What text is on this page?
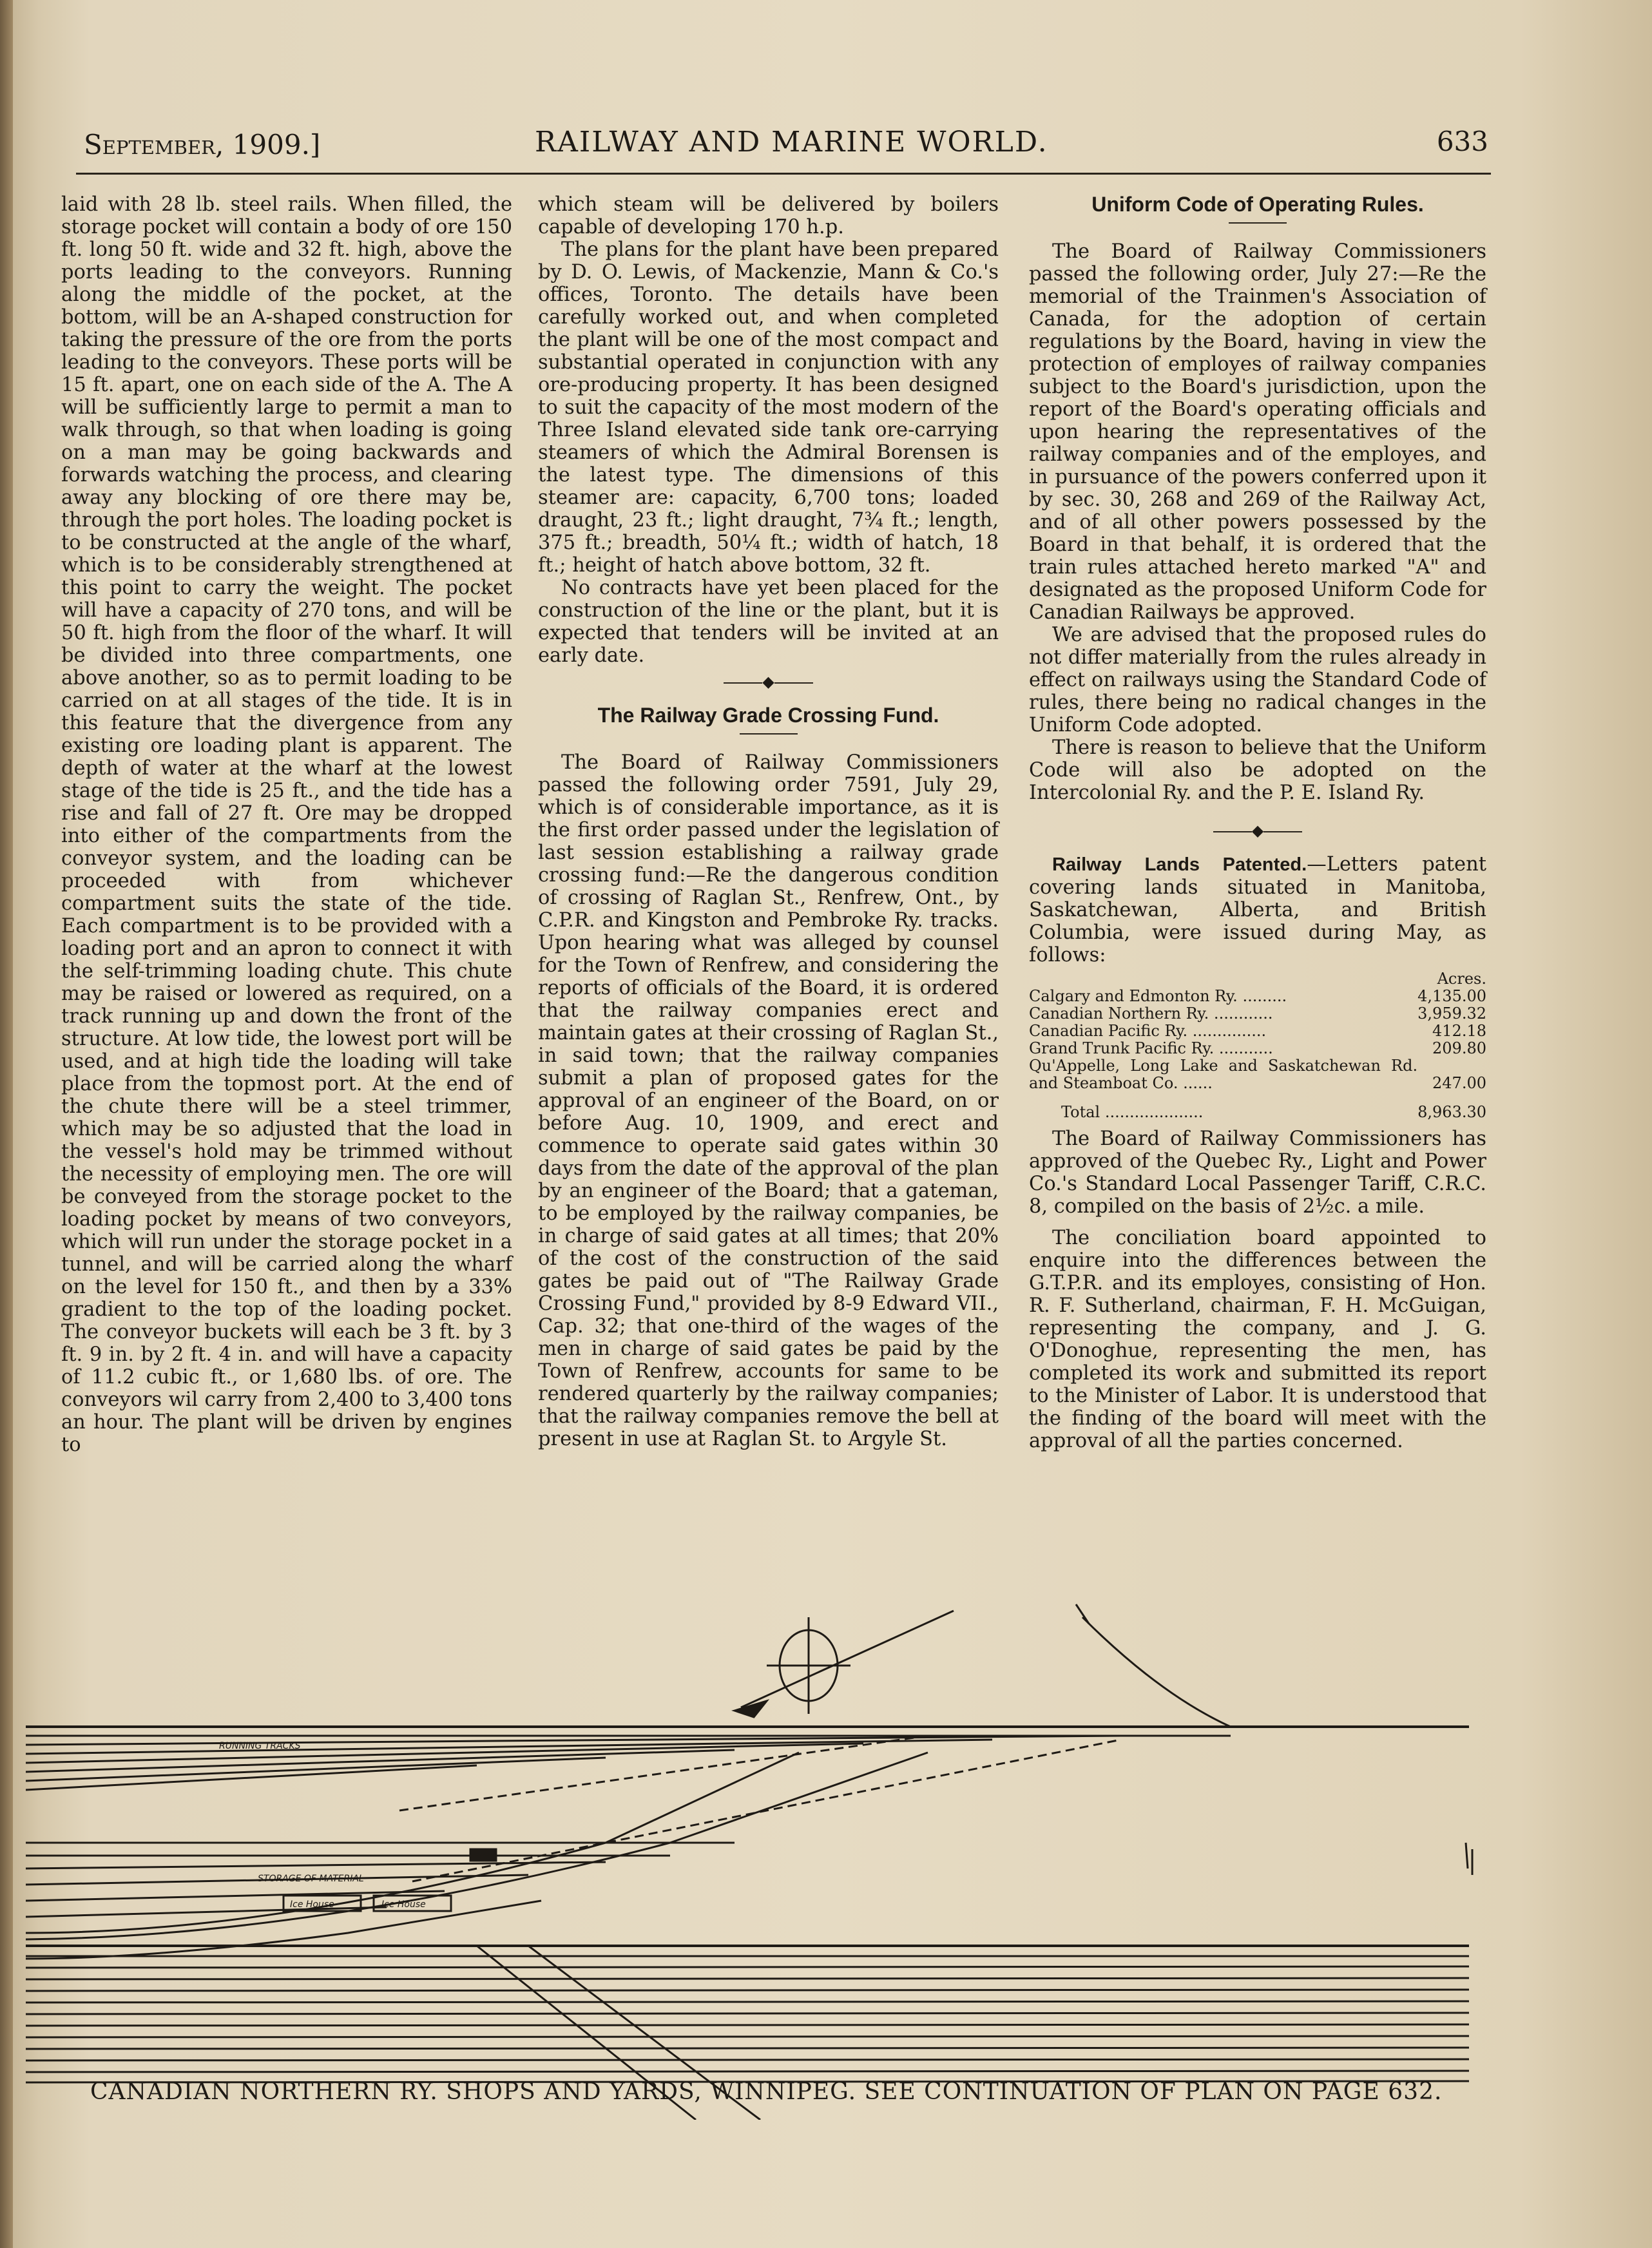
September, 1909.]	RAILWAY AND MARINE WORLD.	633

laid with 28 lb. steel rails. When filled, the storage pocket will contain a body of ore 150 ft. long 50 ft. wide and 32 ft. high, above the ports leading to the conveyors. Running along the middle of the pocket, at the bottom, will be an A-shaped construction for taking the pressure of the ore from the ports leading to the conveyors. These ports will be 15 ft. apart, one on each side of the A. The A will be sufficiently large to permit a man to walk through, so that when loading is going on a man may be going backwards and forwards watching the process, and clearing away any blocking of ore there may be, through the port holes. The loading pocket is to be constructed at the angle of the wharf, which is to be considerably strengthened at this point to carry the weight. The pocket will have a capacity of 270 tons, and will be 50 ft. high from the floor of the wharf. It will be divided into three compartments, one above another, so as to permit loading to be carried on at all stages of the tide. It is in this feature that the divergence from any existing ore loading plant is apparent. The depth of water at the wharf at the lowest stage of the tide is 25 ft., and the tide has a rise and fall of 27 ft. Ore may be dropped into either of the compartments from the conveyor system, and the loading can be proceeded with from whichever compartment suits the state of the tide. Each compartment is to be provided with a loading port and an apron to connect it with the self-trimming loading chute. This chute may be raised or lowered as required, on a track running up and down the front of the structure. At low tide, the lowest port will be used, and at high tide the loading will take place from the topmost port. At the end of the chute there will be a steel trimmer, which may be so adjusted that the load in the vessel's hold may be trimmed without the necessity of employing men. The ore will be conveyed from the storage pocket to the loading pocket by means of two conveyors, which will run under the storage pocket in a tunnel, and will be carried along the wharf on the level for 150 ft., and then by a 33% gradient to the top of the loading pocket. The conveyor buckets will each be 3 ft. by 3 ft. 9 in. by 2 ft. 4 in. and will have a capacity of 11.2 cubic ft., or 1,680 lbs. of ore. The conveyors wil carry from 2,400 to 3,400 tons an hour. The plant will be driven by engines to

which steam will be delivered by boilers capable of developing 170 h.p.

The plans for the plant have been prepared by D. O. Lewis, of Mackenzie, Mann & Co.'s offices, Toronto. The details have been carefully worked out, and when completed the plant will be one of the most compact and substantial operated in conjunction with any ore-producing property. It has been designed to suit the capacity of the most modern of the Three Island elevated side tank ore-carrying steamers of which the Admiral Borensen is the latest type. The dimensions of this steamer are: capacity, 6,700 tons; loaded draught, 23 ft.; light draught, 7¾ ft.; length, 375 ft.; breadth, 50¼ ft.; width of hatch, 18 ft.; height of hatch above bottom, 32 ft.

No contracts have yet been placed for the construction of the line or the plant, but it is expected that tenders will be invited at an early date.

◆
The Railway Grade Crossing Fund.

The Board of Railway Commissioners passed the following order 7591, July 29, which is of considerable importance, as it is the first order passed under the legislation of last session establishing a railway grade crossing fund:—Re the dangerous condition of crossing of Raglan St., Renfrew, Ont., by C.P.R. and Kingston and Pembroke Ry. tracks. Upon hearing what was alleged by counsel for the Town of Renfrew, and considering the reports of officials of the Board, it is ordered that the railway companies erect and maintain gates at their crossing of Raglan St., in said town; that the railway companies submit a plan of proposed gates for the approval of an engineer of the Board, on or before Aug. 10, 1909, and erect and commence to operate said gates within 30 days from the date of the approval of the plan by an engineer of the Board; that a gateman, to be employed by the railway companies, be in charge of said gates at all times; that 20% of the cost of the construction of the said gates be paid out of "The Railway Grade Crossing Fund," provided by 8-9 Edward VII., Cap. 32; that one-third of the wages of the men in charge of said gates be paid by the Town of Renfrew, accounts for same to be rendered quarterly by the railway companies; that the railway companies remove the bell at present in use at Raglan St. to Argyle St.

Uniform Code of Operating Rules.

The Board of Railway Commissioners passed the following order, July 27:—Re the memorial of the Trainmen's Association of Canada, for the adoption of certain regulations by the Board, having in view the protection of employes of railway companies subject to the Board's jurisdiction, upon the report of the Board's operating officials and upon hearing the representatives of the railway companies and of the employes, and in pursuance of the powers conferred upon it by sec. 30, 268 and 269 of the Railway Act, and of all other powers possessed by the Board in that behalf, it is ordered that the train rules attached hereto marked "A" and designated as the proposed Uniform Code for Canadian Railways be approved.

We are advised that the proposed rules do not differ materially from the rules already in effect on railways using the Standard Code of rules, there being no radical changes in the Uniform Code adopted.

There is reason to believe that the Uniform Code will also be adopted on the Intercolonial Ry. and the P. E. Island Ry.

◆

Railway Lands Patented.—Letters patent covering lands situated in Manitoba, Saskatchewan, Alberta, and British Columbia, were issued during May, as follows:

	Acres.
Calgary and Edmonton Ry. .........	4,135.00
Canadian Northern Ry. ............	3,959.32
Canadian Pacific Ry. ...............	412.18
Grand Trunk Pacific Ry. ...........	209.80
Qu'Appelle, Long Lake and Saskatchewan Rd. and Steamboat Co. ......	247.00
Total ....................	8,963.30

The Board of Railway Commissioners has approved of the Quebec Ry., Light and Power Co.'s Standard Local Passenger Tariff, C.R.C. 8, compiled on the basis of 2½c. a mile.

The conciliation board appointed to enquire into the differences between the G.T.P.R. and its employes, consisting of Hon. R. F. Sutherland, chairman, F. H. McGuigan, representing the company, and J. G. O'Donoghue, representing the men, has completed its work and submitted its report to the Minister of Labor. It is understood that the finding of the board will meet with the approval of all the parties concerned.

RUNNING TRACKS
STORAGE OF MATERIAL
Ice House	Ice House
CANADIAN NORTHERN RY. SHOPS AND YARDS, WINNIPEG. SEE CONTINUATION OF PLAN ON PAGE 632.
